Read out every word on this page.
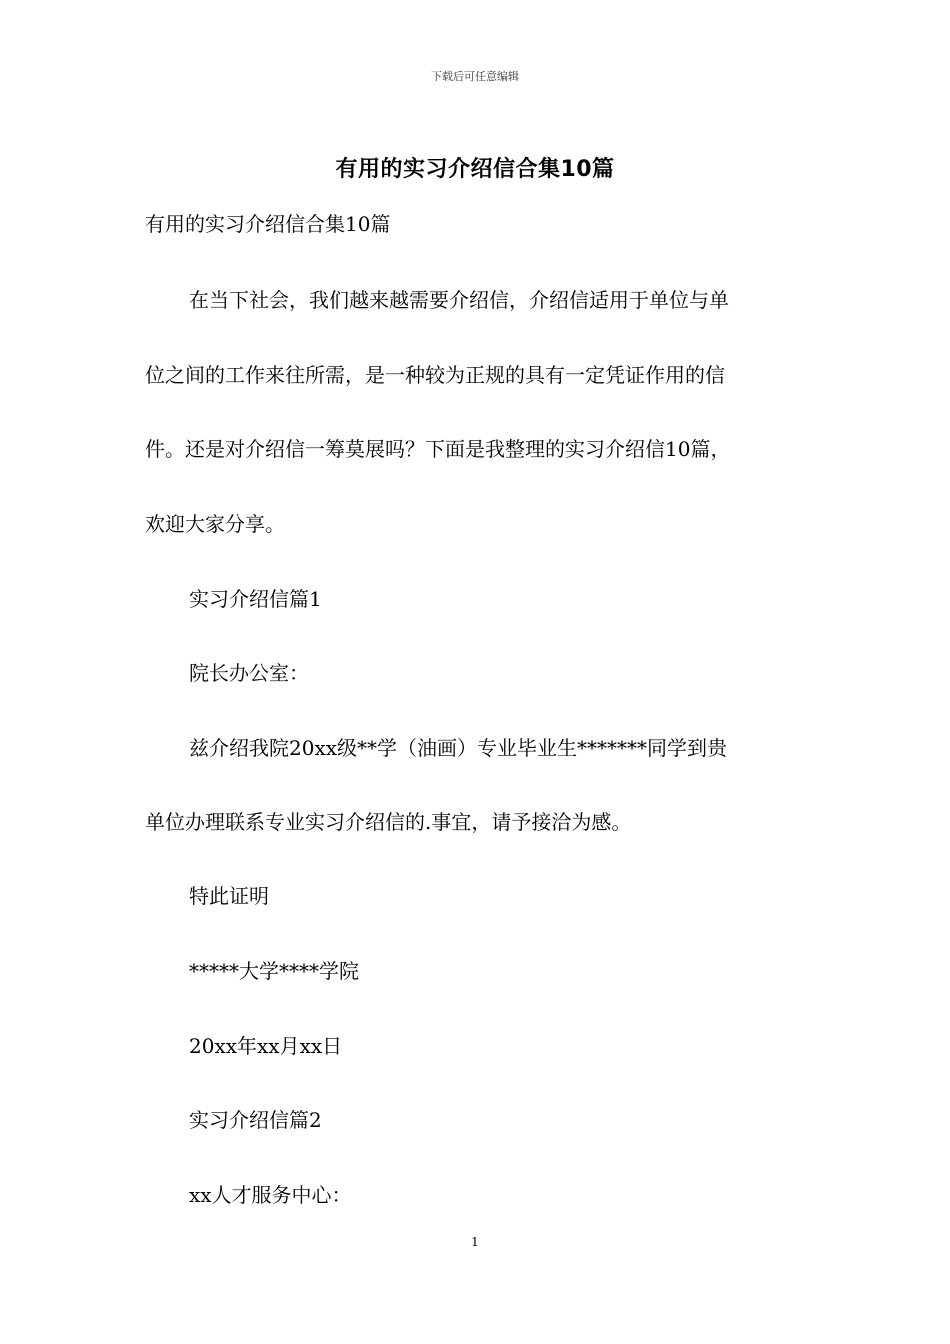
下载后可任意编辑
有用的实习介绍信合集10篇
有用的实习介绍信合集10篇
在当下社会，我们越来越需要介绍信，介绍信适用于单位与单
位之间的工作来往所需，是一种较为正规的具有一定凭证作用的信
件。还是对介绍信一筹莫展吗？下面是我整理的实习介绍信10篇，
欢迎大家分享。
实习介绍信篇1
院长办公室：
兹介绍我院20xx级**学（油画）专业毕业生*******同学到贵
单位办理联系专业实习介绍信的.事宜，请予接洽为感。
特此证明
*****大学****学院
20xx年xx月xx日
实习介绍信篇2
xx人才服务中心：
1
